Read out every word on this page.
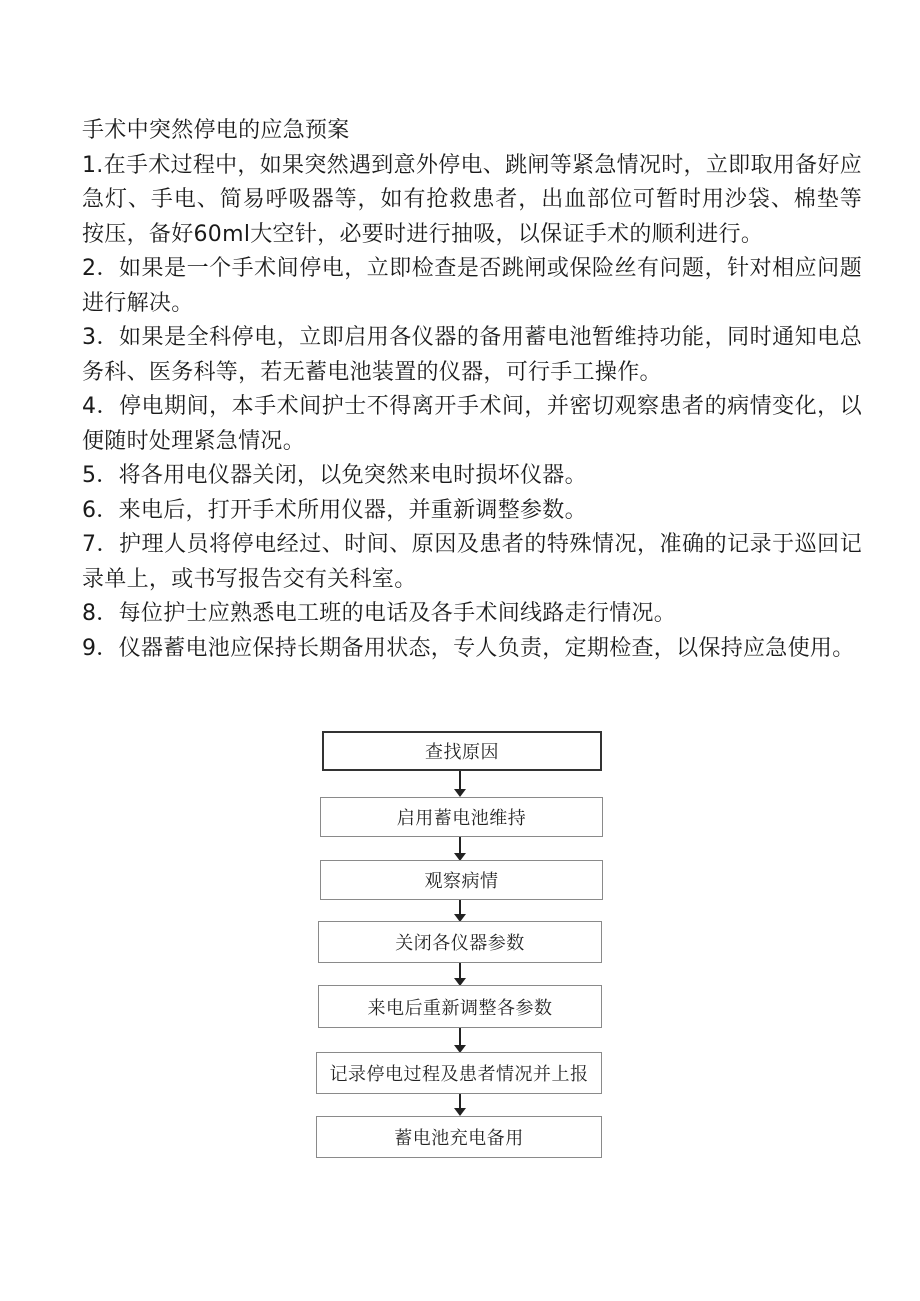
手术中突然停电的应急预案

1.在手术过程中，如果突然遇到意外停电、跳闸等紧急情况时，立即取用备好应急灯、手电、简易呼吸器等，如有抢救患者，出血部位可暂时用沙袋、棉垫等按压，备好60ml大空针，必要时进行抽吸，以保证手术的顺利进行。

2．如果是一个手术间停电，立即检查是否跳闸或保险丝有问题，针对相应问题进行解决。

3．如果是全科停电，立即启用各仪器的备用蓄电池暂维持功能，同时通知电总务科、医务科等，若无蓄电池装置的仪器，可行手工操作。

4．停电期间，本手术间护士不得离开手术间，并密切观察患者的病情变化，以便随时处理紧急情况。

5．将各用电仪器关闭，以免突然来电时损坏仪器。

6．来电后，打开手术所用仪器，并重新调整参数。

7．护理人员将停电经过、时间、原因及患者的特殊情况，准确的记录于巡回记录单上，或书写报告交有关科室。

8．每位护士应熟悉电工班的电话及各手术间线路走行情况。

9．仪器蓄电池应保持长期备用状态，专人负责，定期检查，以保持应急使用。

查找原因
启用蓄电池维持
观察病情
关闭各仪器参数
来电后重新调整各参数
记录停电过程及患者情况并上报
蓄电池充电备用
